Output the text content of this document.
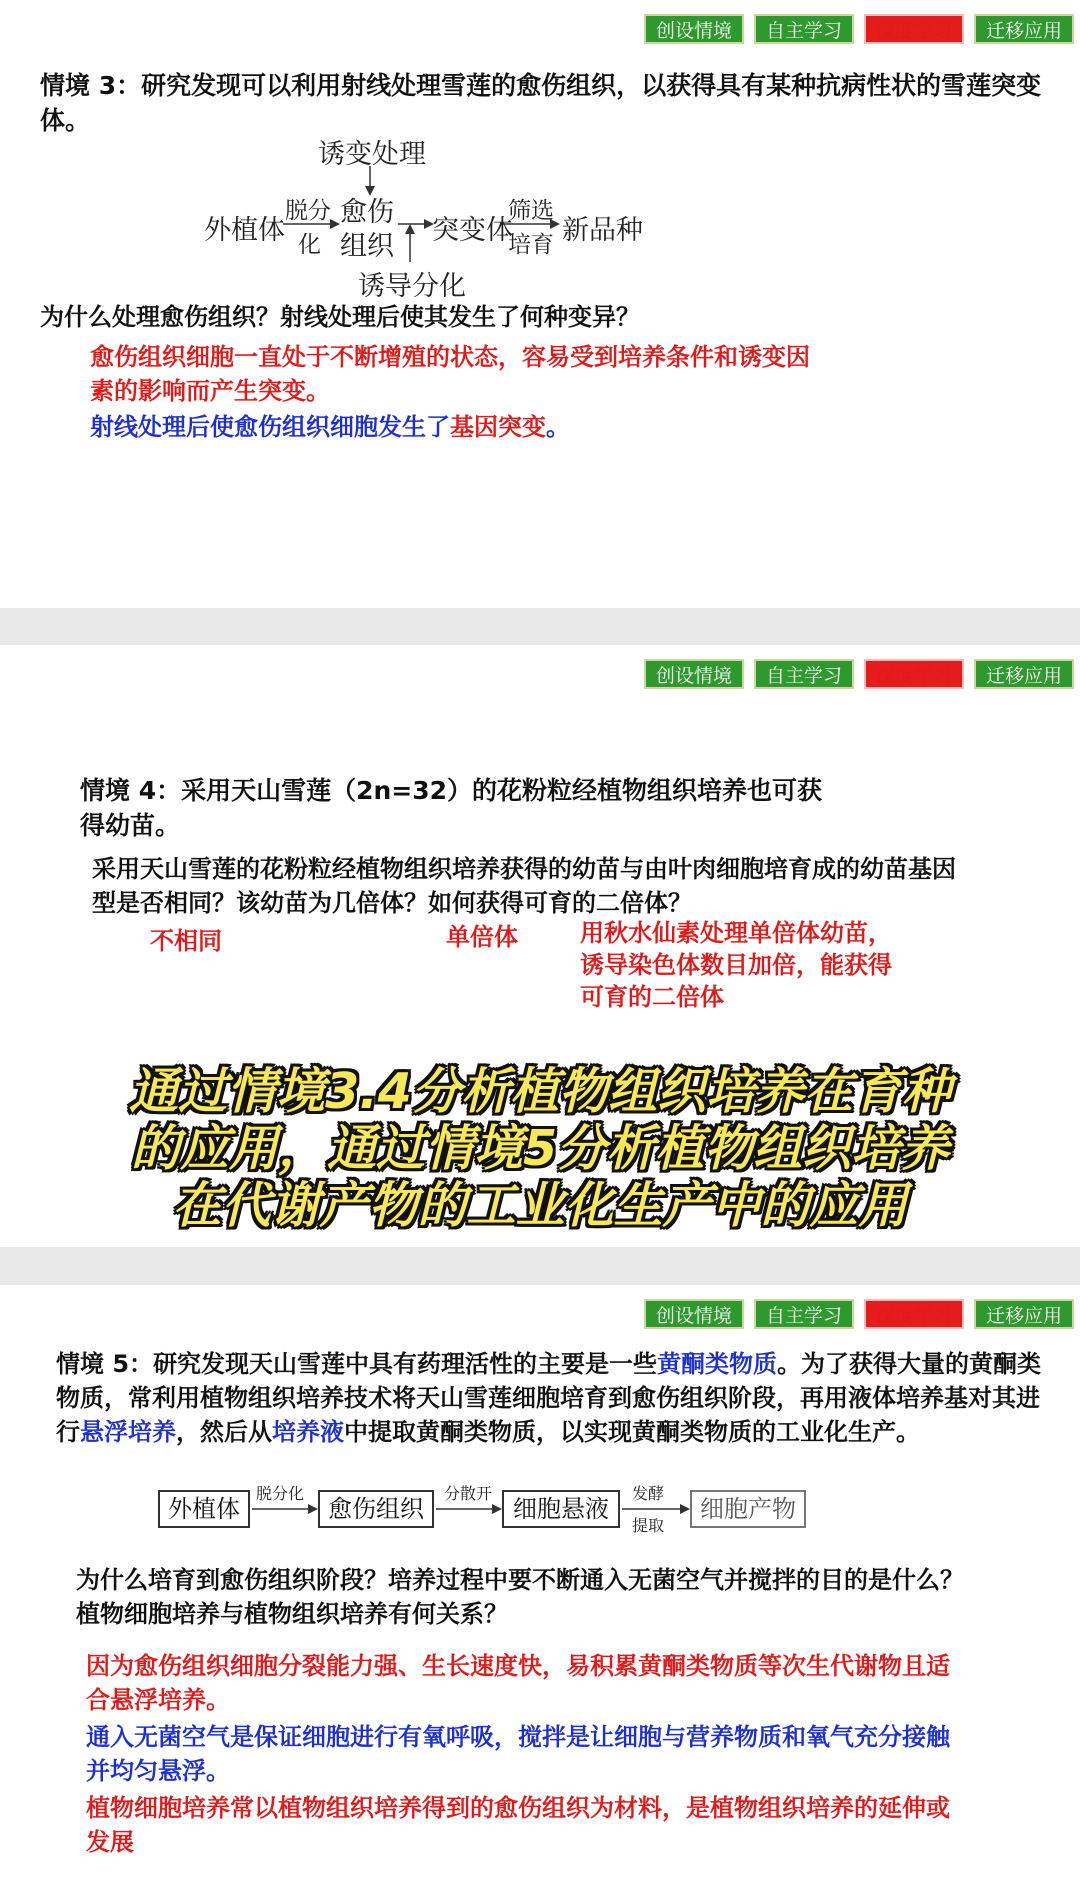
创设情境	自主学习	深度学习	迁移应用
情境 3：研究发现可以利用射线处理雪莲的愈伤组织，以获得具有某种抗病性状的雪莲突变体。
诱变处理
外植体
脱分
化
愈伤
组织
突变体
筛选
培育 新品种
诱导分化
为什么处理愈伤组织？射线处理后使其发生了何种变异？
愈伤组织细胞一直处于不断增殖的状态，容易受到培养条件和诱变因素的影响而产生突变。
射线处理后使愈伤组织细胞发生了基因突变。
创设情境	自主学习	深度学习	迁移应用
情境 4：采用天山雪莲（2n=32）的花粉粒经植物组织培养也可获得幼苗。
采用天山雪莲的花粉粒经植物组织培养获得的幼苗与由叶肉细胞培育成的幼苗基因型是否相同？该幼苗为几倍体？如何获得可育的二倍体？
不相同	单倍体	用秋水仙素处理单倍体幼苗，诱导染色体数目加倍，能获得可育的二倍体
通过情境3.4分析植物组织培养在育种
的应用，通过情境5分析植物组织培养
在代谢产物的工业化生产中的应用
创设情境	自主学习	深度学习	迁移应用
情境 5：研究发现天山雪莲中具有药理活性的主要是一些黄酮类物质。为了获得大量的黄酮类物质，常利用植物组织培养技术将天山雪莲细胞培育到愈伤组织阶段，再用液体培养基对其进行悬浮培养，然后从培养液中提取黄酮类物质，以实现黄酮类物质的工业化生产。
外植体
脱分化
愈伤组织
分散开
细胞悬液
发酵
提取
细胞产物
为什么培育到愈伤组织阶段？培养过程中要不断通入无菌空气并搅拌的目的是什么？植物细胞培养与植物组织培养有何关系？
因为愈伤组织细胞分裂能力强、生长速度快，易积累黄酮类物质等次生代谢物且适合悬浮培养。
通入无菌空气是保证细胞进行有氧呼吸，搅拌是让细胞与营养物质和氧气充分接触并均匀悬浮。
植物细胞培养常以植物组织培养得到的愈伤组织为材料，是植物组织培养的延伸或发展
